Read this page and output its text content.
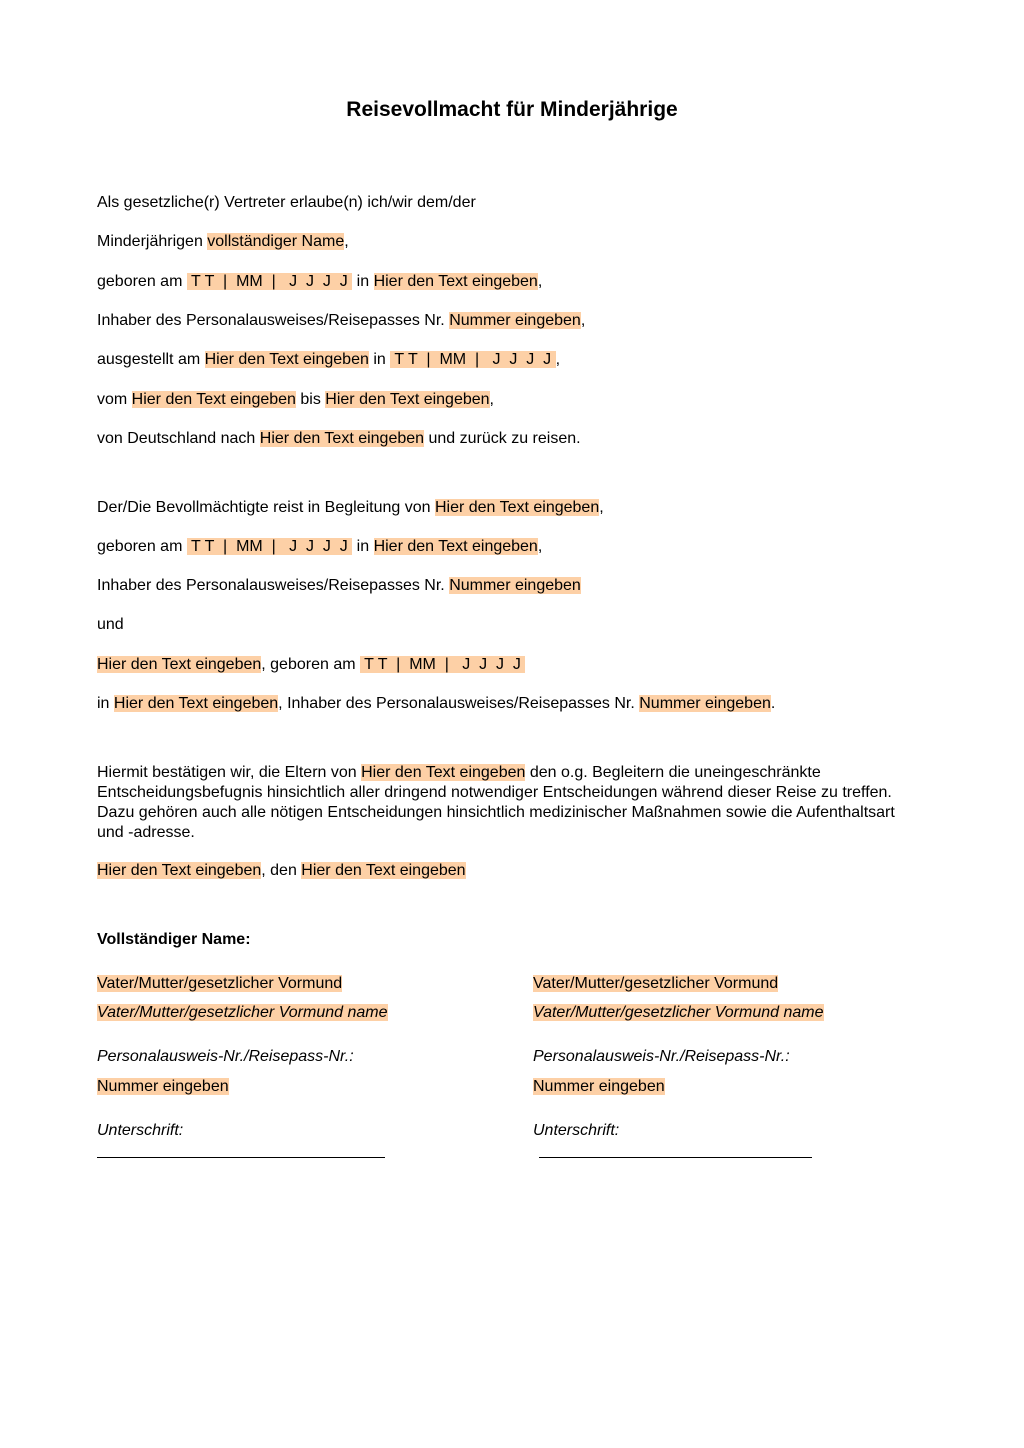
Reisevollmacht für Minderjährige
Als gesetzliche(r) Vertreter erlaube(n) ich/wir dem/der
Minderjährigen vollständiger Name,
geboren am  T T  |  MM  |   J  J  J  J  in Hier den Text eingeben,
Inhaber des Personalausweises/Reisepasses Nr. Nummer eingeben,
ausgestellt am Hier den Text eingeben in  T T  |  MM  |   J  J  J  J ,
vom Hier den Text eingeben bis Hier den Text eingeben,
von Deutschland nach Hier den Text eingeben und zurück zu reisen.
Der/Die Bevollmächtigte reist in Begleitung von Hier den Text eingeben,
geboren am  T T  |  MM  |   J  J  J  J  in Hier den Text eingeben,
Inhaber des Personalausweises/Reisepasses Nr. Nummer eingeben
und
Hier den Text eingeben, geboren am  T T  |  MM  |   J  J  J  J
in Hier den Text eingeben, Inhaber des Personalausweises/Reisepasses Nr. Nummer eingeben.
Hiermit bestätigen wir, die Eltern von Hier den Text eingeben den o.g. Begleitern die uneingeschränkte Entscheidungsbefugnis hinsichtlich aller dringend notwendiger Entscheidungen während dieser Reise zu treffen. Dazu gehören auch alle nötigen Entscheidungen hinsichtlich medizinischer Maßnahmen sowie die Aufenthaltsart und -adresse.
Hier den Text eingeben, den Hier den Text eingeben
Vollständiger Name:
Vater/Mutter/gesetzlicher Vormund
Vater/Mutter/gesetzlicher Vormund name
Personalausweis-Nr./Reisepass-Nr.:
Nummer eingeben
Unterschrift:
Vater/Mutter/gesetzlicher Vormund
Vater/Mutter/gesetzlicher Vormund name
Personalausweis-Nr./Reisepass-Nr.:
Nummer eingeben
Unterschrift:
